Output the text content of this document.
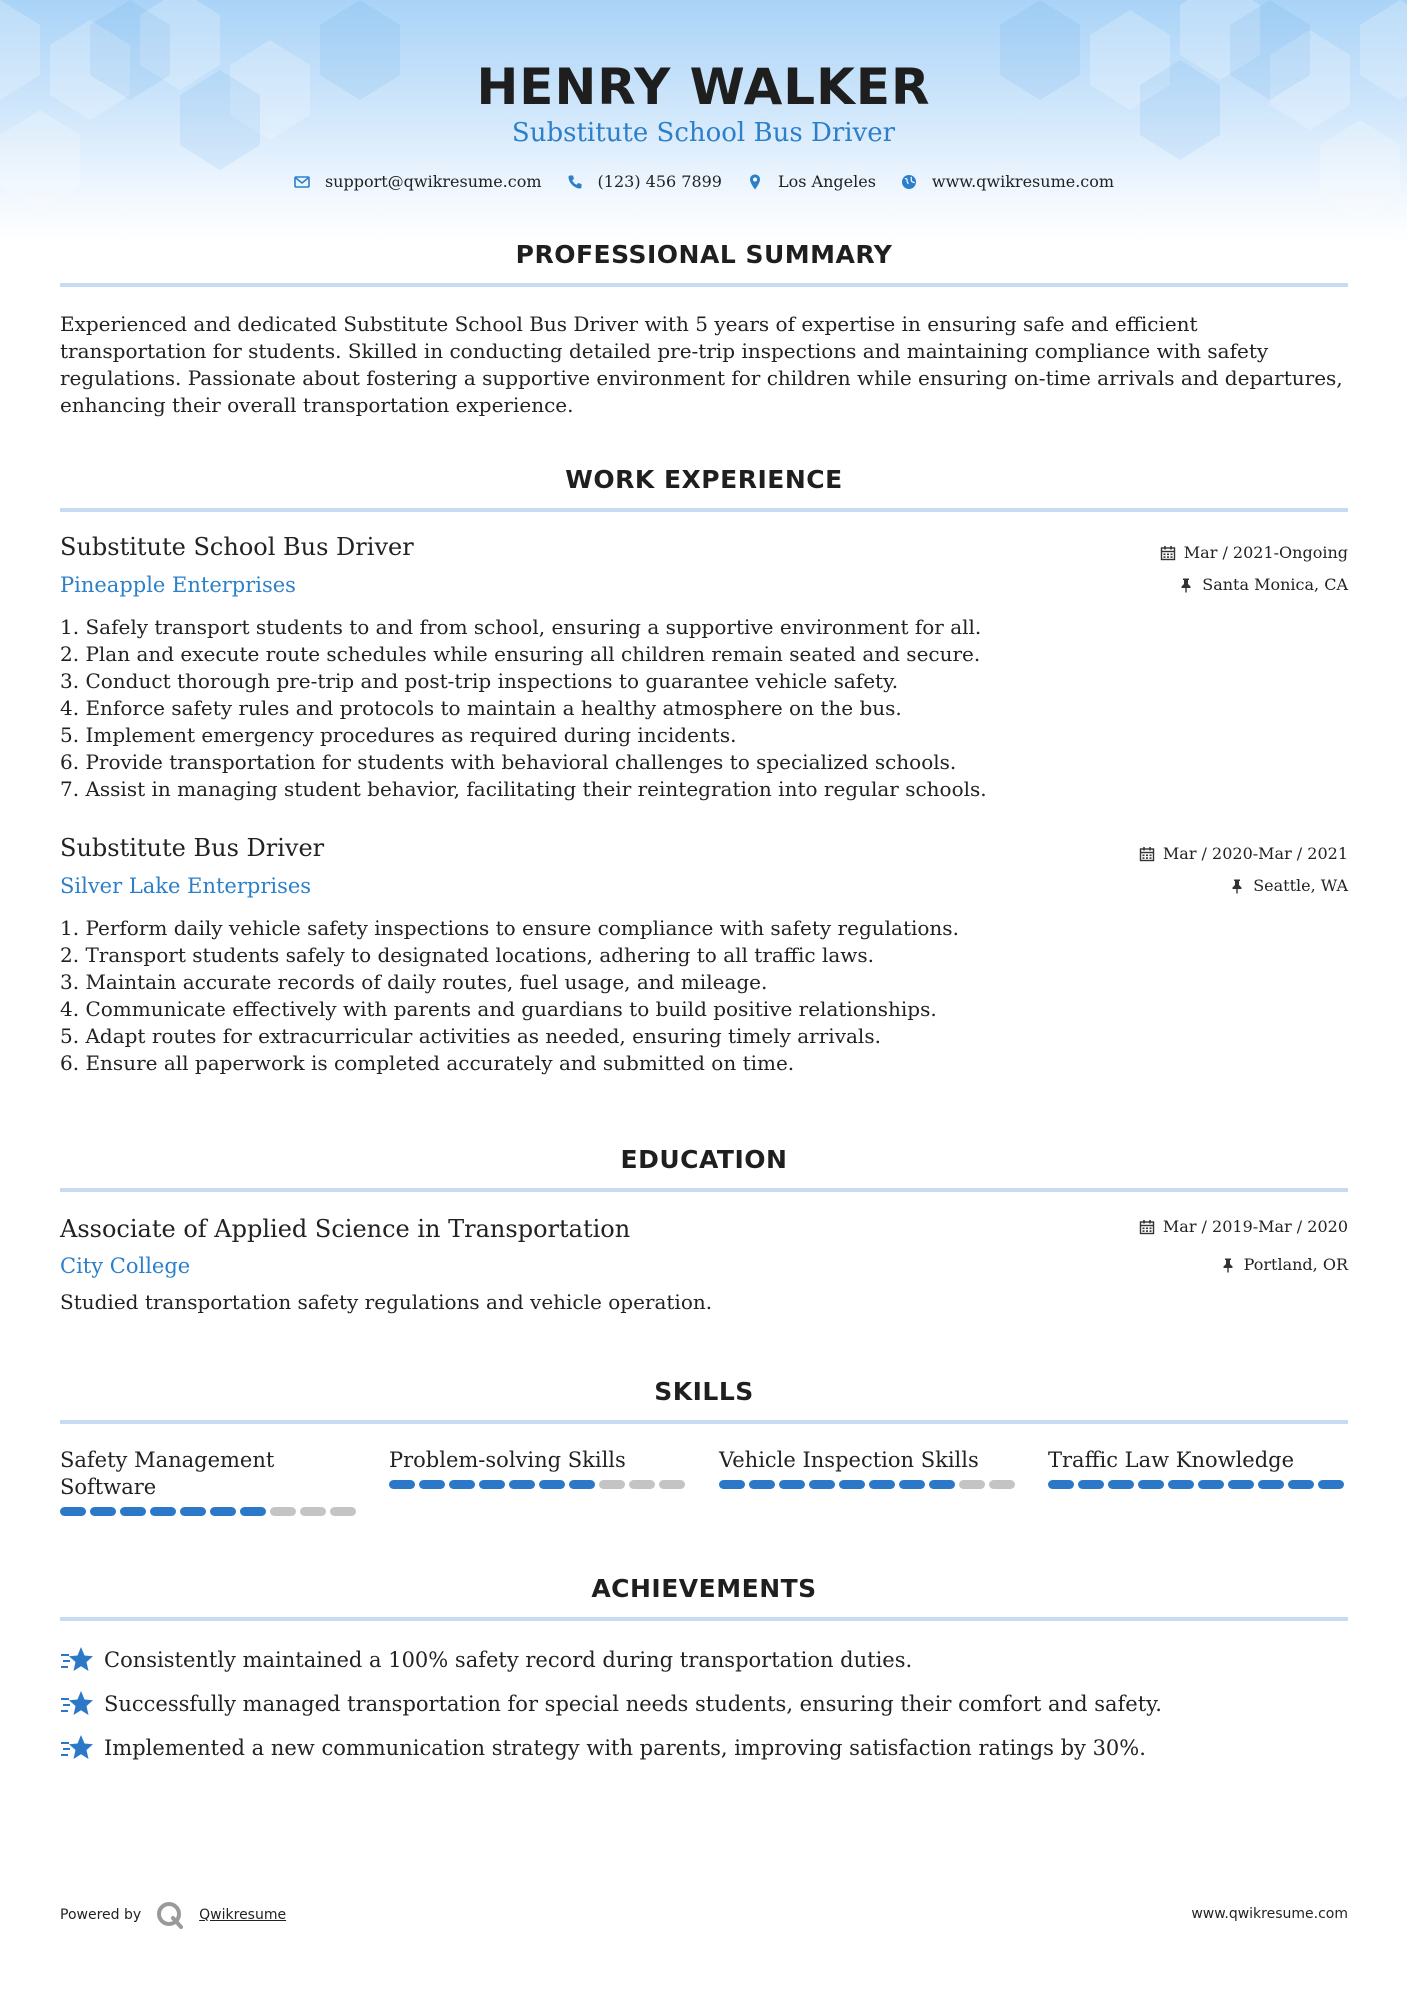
HENRY WALKER
Substitute School Bus Driver
support@qwikresume.com	(123) 456 7899	Los Angeles	www.qwikresume.com
PROFESSIONAL SUMMARY
Experienced and dedicated Substitute School Bus Driver with 5 years of expertise in ensuring safe and efficient transportation for students. Skilled in conducting detailed pre-trip inspections and maintaining compliance with safety regulations. Passionate about fostering a supportive environment for children while ensuring on-time arrivals and departures, enhancing their overall transportation experience.
WORK EXPERIENCE
Substitute School Bus Driver
Pineapple Enterprises
Mar / 2021-Ongoing
Santa Monica, CA
Safely transport students to and from school, ensuring a supportive environment for all.
Plan and execute route schedules while ensuring all children remain seated and secure.
Conduct thorough pre-trip and post-trip inspections to guarantee vehicle safety.
Enforce safety rules and protocols to maintain a healthy atmosphere on the bus.
Implement emergency procedures as required during incidents.
Provide transportation for students with behavioral challenges to specialized schools.
Assist in managing student behavior, facilitating their reintegration into regular schools.
Substitute Bus Driver
Silver Lake Enterprises
Mar / 2020-Mar / 2021
Seattle, WA
Perform daily vehicle safety inspections to ensure compliance with safety regulations.
Transport students safely to designated locations, adhering to all traffic laws.
Maintain accurate records of daily routes, fuel usage, and mileage.
Communicate effectively with parents and guardians to build positive relationships.
Adapt routes for extracurricular activities as needed, ensuring timely arrivals.
Ensure all paperwork is completed accurately and submitted on time.
EDUCATION
Associate of Applied Science in Transportation
City College
Mar / 2019-Mar / 2020
Portland, OR
Studied transportation safety regulations and vehicle operation.
SKILLS
Safety Management Software
Problem-solving Skills	Vehicle Inspection Skills	Traffic Law Knowledge
ACHIEVEMENTS
Consistently maintained a 100% safety record during transportation duties.
Successfully managed transportation for special needs students, ensuring their comfort and safety.
Implemented a new communication strategy with parents, improving satisfaction ratings by 30%.
Powered by	Qwikresume	www.qwikresume.com
